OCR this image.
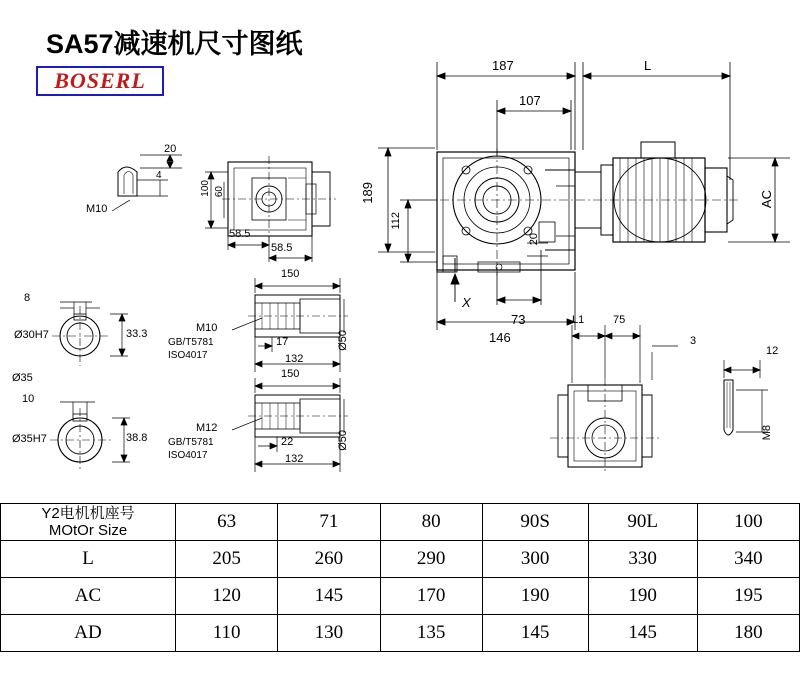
SA57减速机尺寸图纸
BOSERL
187	L
107
189
112
AC
20
73
146
X
20
4
M10
100 60
58.5
58.5
8
Ø30H7	33.3
Ø35
10
Ø35H7	38.8
150
17
132
Ø50
M10
GB/T5781
ISO4017
150
22
132
Ø50
M12
GB/T5781
ISO4017
L1	75
3
12
M8
Y2电机机座号
MOtOr Size	63	71	80	90S	90L	100
L	205	260	290	300	330	340
AC	120	145	170	190	190	195
AD	110	130	135	145	145	180
